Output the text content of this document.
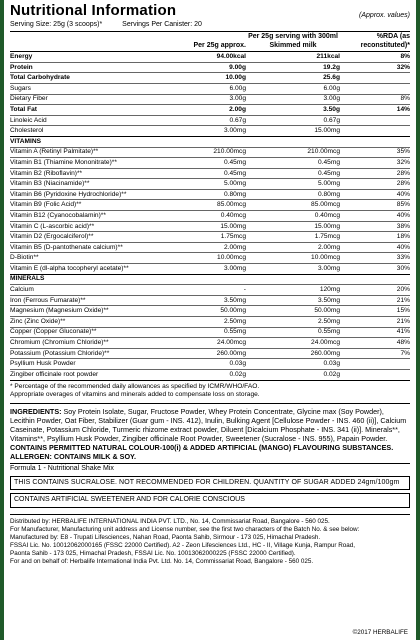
Nutritional Information	(Approx. values)
Serving Size: 25g (3 scoops)*	Servings Per Canister: 20
Per 25g approx.
Per 25g serving with 300ml Skimmed milk
%RDA (as reconstituted)*
Energy	94.00kcal	211kcal	8%
Protein	9.00g	19.2g	32%
Total Carbohydrate	10.00g	25.6g
Sugars	6.00g	6.00g
Dietary Fiber	3.00g	3.00g	8%
Total Fat	2.00g	3.50g	14%
Linoleic Acid	0.67g	0.67g
Cholesterol	3.00mg	15.00mg
VITAMINS
Vitamin A (Retinyl Palmitate)**	210.00mcg	210.00mcg	35%
Vitamin B1 (Thiamine Mononitrate)**	0.45mg	0.45mg	32%
Vitamin B2 (Riboflavin)**	0.45mg	0.45mg	28%
Vitamin B3 (Niacinamide)**	5.00mg	5.00mg	28%
Vitamin B6 (Pyridoxine Hydrochloride)**	0.80mg	0.80mg	40%
Vitamin B9 (Folic Acid)**	85.00mcg	85.00mcg	85%
Vitamin B12 (Cyanocobalamin)**	0.40mcg	0.40mcg	40%
Vitamin C (L-ascorbic acid)**	15.00mg	15.00mg	38%
Vitamin D2 (Ergocalciferol)**	1.75mcg	1.75mcg	18%
Vitamin B5 (D-pantothenate calcium)**	2.00mg	2.00mg	40%
D-Biotin**	10.00mcg	10.00mcg	33%
Vitamin E (dl-alpha tocopheryl acetate)**	3.00mg	3.00mg	30%
MINERALS
Calcium	-	120mg	20%
Iron (Ferrous Fumarate)**	3.50mg	3.50mg	21%
Magnesium (Magnesium Oxide)**	50.00mg	50.00mg	15%
Zinc (Zinc Oxide)**	2.50mg	2.50mg	21%
Copper (Copper Gluconate)**	0.55mg	0.55mg	41%
Chromium (Chromium Chloride)**	24.00mcg	24.00mcg	48%
Potassium (Potassium Chloride)**	260.00mg	260.00mg	7%
Psyllium Husk Powder	0.03g	0.03g
Zingiber officinale root powder	0.02g	0.02g
* Percentage of the recommended daily allowances as specified by ICMR/WHO/FAO.
Appropriate overages of vitamins and minerals added to compensate loss on storage.
INGREDIENTS: Soy Protein Isolate, Sugar, Fructose Powder, Whey Protein Concentrate, Glycine max (Soy Powder), Lecithin Powder, Oat Fiber, Stabilizer (Guar gum - INS. 412), Inulin, Bulking Agent [Cellulose Powder - INS. 460 (ii)], Calcium Caseinate, Potassium Chloride, Turmeric rhizome extract powder, Diluent [Dicalcium Phosphate - INS. 341 (ii)]. Minerals**, Vitamins**, Psyllium Husk Powder, Zingiber officinale Root Powder, Sweetener (Sucralose - INS. 955), Papain Powder. CONTAINS PERMITTED NATURAL COLOUR-100(i) & ADDED ARTIFICIAL (MANGO) FLAVOURING SUBSTANCES. ALLERGEN: CONTAINS MILK & SOY.
Formula 1 - Nutritional Shake Mix
THIS CONTAINS SUCRALOSE. NOT RECOMMENDED FOR CHILDREN. QUANTITY OF SUGAR ADDED 24gm/100gm
CONTAINS ARTIFICIAL SWEETENER AND FOR CALORIE CONSCIOUS
Distributed by: HERBALIFE INTERNATIONAL INDIA PVT. LTD., No. 14, Commissariat Road, Bangalore - 560 025.
For Manufacturer, Manufacturing unit address and License number, see the first two characters of the Batch No. & see below:
Manufactured by: E8 - Trupati Lifesciences, Nahan Road, Paonta Sahib, Sirmour - 173 025, Himachal Pradesh.
FSSAI Lic. No. 10012062000165 (FSSC 22000 Certified). A2 - Zeon Lifesciences Ltd., HC - II, Village Kunja, Rampur Road,
Paonta Sahib - 173 025, Himachal Pradesh, FSSAI Lic. No. 10013062000225 (FSSC 22000 Certified).
For and on behalf of: Herbalife International India Pvt. Ltd. No. 14, Commissariat Road, Bangalore - 560 025.
©2017 HERBALIFE
